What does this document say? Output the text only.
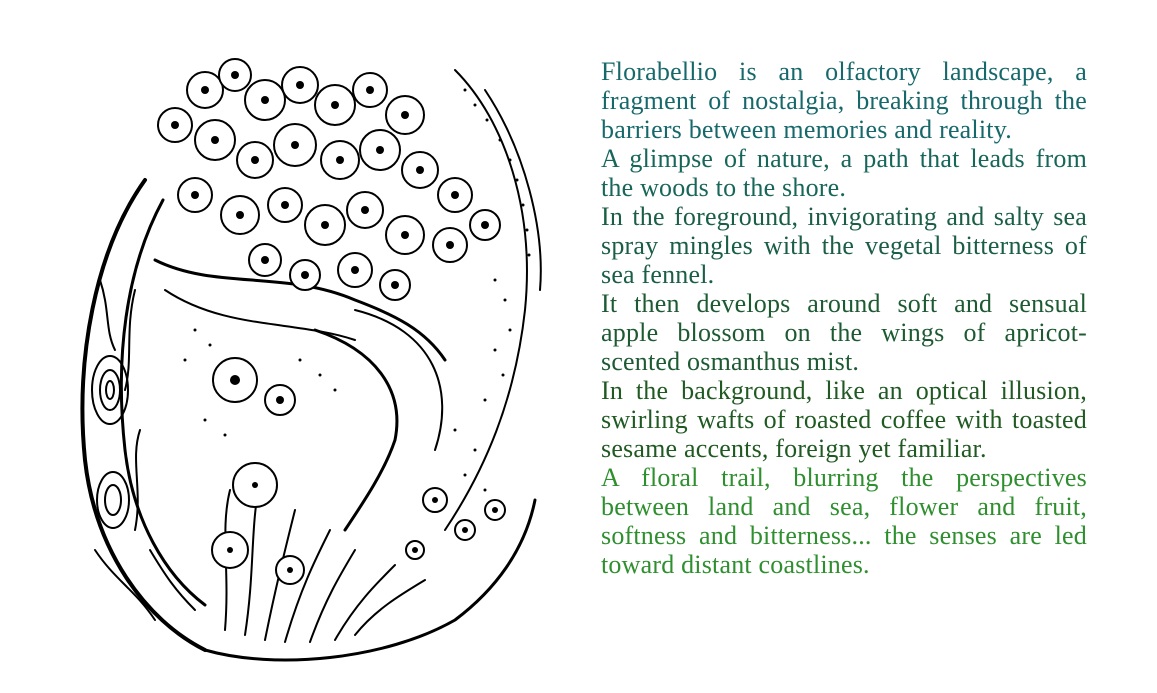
Florabellio is an olfactory landscape, a fragment of nostalgia, breaking through the barriers between memories and reality.

A glimpse of nature, a path that leads from the woods to the shore.

In the foreground, invigorating and salty sea spray mingles with the vegetal bitterness of sea fennel.

It then develops around soft and sensual apple blossom on the wings of apricot-scented osmanthus mist.

In the background, like an optical illusion, swirling wafts of roasted coffee with toasted sesame accents, foreign yet familiar.

A floral trail, blurring the perspectives between land and sea, flower and fruit, softness and bitterness... the senses are led toward distant coastlines.
